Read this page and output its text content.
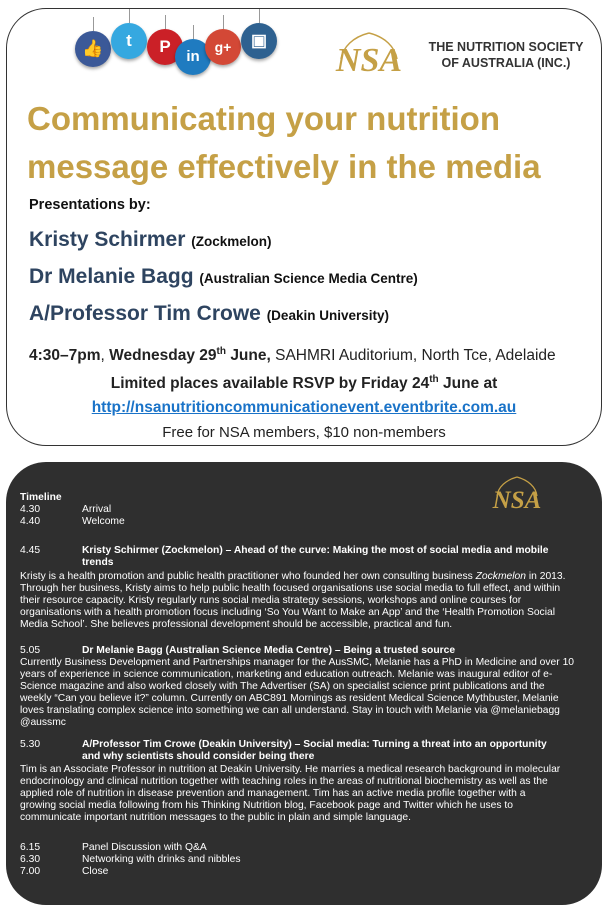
👍	t	P
in
g+	▣
NSA	THE NUTRITION SOCIETY
OF AUSTRALIA (INC.)
Communicating your nutrition
message effectively in the media
Presentations by:
Kristy Schirmer (Zockmelon)
Dr Melanie Bagg (Australian Science Media Centre)
A/Professor Tim Crowe (Deakin University)
4:30–7pm, Wednesday 29th June, SAHMRI Auditorium, North Tce, Adelaide
Limited places available RSVP by Friday 24th June at
http://nsanutritioncommunicationevent.eventbrite.com.au
Free for NSA members, $10 non-members
NSA
Timeline
4.30	Arrival
4.40	Welcome
4.45	Kristy Schirmer (Zockmelon) – Ahead of the curve: Making the most of social media and mobile
trends
Kristy is a health promotion and public health practitioner who founded her own consulting business Zockmelon in 2013.
Through her business, Kristy aims to help public health focused organisations use social media to full effect, and within
their resource capacity. Kristy regularly runs social media strategy sessions, workshops and online courses for
organisations with a health promotion focus including ‘So You Want to Make an App’ and the ‘Health Promotion Social
Media School’. She believes professional development should be accessible, practical and fun.
5.05	Dr Melanie Bagg (Australian Science Media Centre) – Being a trusted source
Currently Business Development and Partnerships manager for the AusSMC, Melanie has a PhD in Medicine and over 10
years of experience in science communication, marketing and education outreach. Melanie was inaugural editor of e-
Science magazine and also worked closely with The Advertiser (SA) on specialist science print publications and the
weekly “Can you believe it?” column. Currently on ABC891 Mornings as resident Medical Science Mythbuster, Melanie
loves translating complex science into something we can all understand. Stay in touch with Melanie via @melaniebagg
@aussmc
5.30	A/Professor Tim Crowe (Deakin University) – Social media: Turning a threat into an opportunity
and why scientists should consider being there
Tim is an Associate Professor in nutrition at Deakin University. He marries a medical research background in molecular
endocrinology and clinical nutrition together with teaching roles in the areas of nutritional biochemistry as well as the
applied role of nutrition in disease prevention and management. Tim has an active media profile together with a
growing social media following from his Thinking Nutrition blog, Facebook page and Twitter which he uses to
communicate important nutrition messages to the public in plain and simple language.
6.15	Panel Discussion with Q&A
6.30	Networking with drinks and nibbles
7.00	Close
